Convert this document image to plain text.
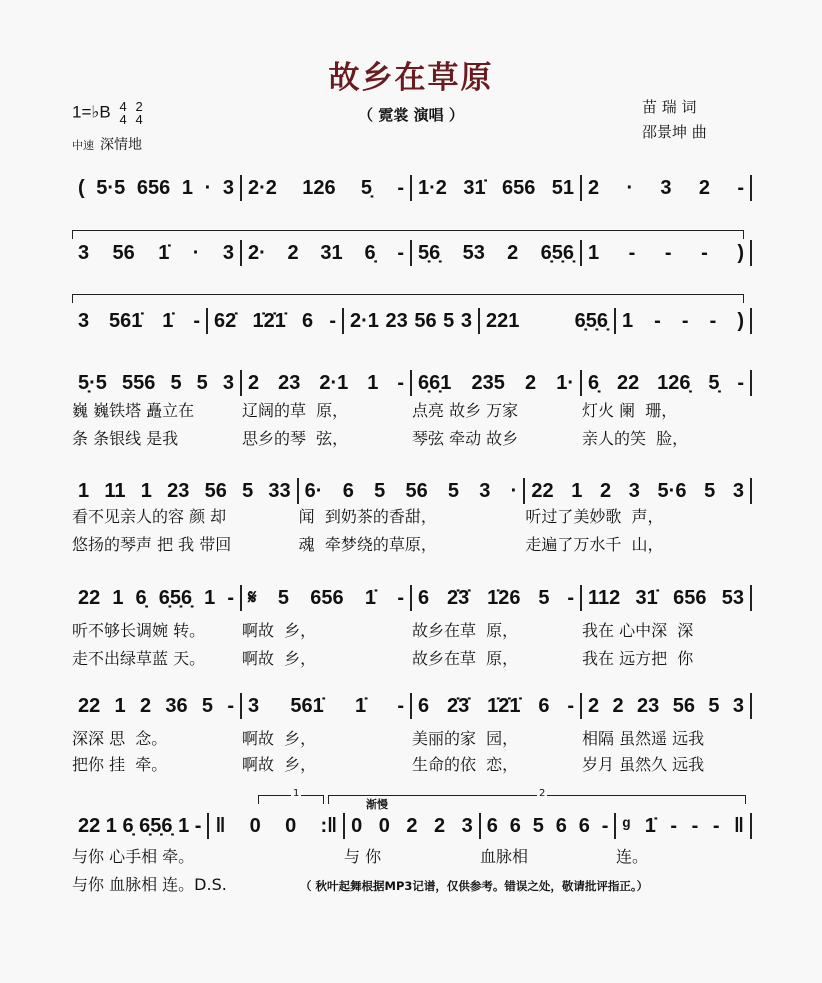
故乡在草原
（ 霓裳 演唱 ）
1=♭B 4
4 2
4
中速 深情地
苗 瑞 词
邵景坤 曲
( 5·5 656 1 · 3 2·2 126 5̣ - 1·2 31̇ 656 51 2 · 3 2 -
3 56 1̇ · 3 2· 2 31 6̣ - 5̣6̣ 53 2 6̣5̣6̣ 1 - - - )
3 561̇ 1̇ - 62̇ 1̇2̇1̇ 6 - 2·1 23 56 5 3 221 6̣5̣6̣ 1 - - - )
5̣·5 556 5 5 3 2 23 2·1 1 - 6̣6̣1 235 2 1· 6̣ 22 126̣ 5̣ -
巍 巍铁塔 矗立在	辽阔的草  原，	点亮 故乡 万家	灯火 阑  珊，
条 条银线 是我	思乡的琴  弦，	琴弦 牵动 故乡	亲人的笑  脸，
1 11 1 23 56 5 33 6· 6 5 56 5 3 · 22 1 2 3 5·6 5 3
看不见亲人的容 颜 却	闻  到奶茶的香甜，	听过了美妙歌  声，
悠扬的琴声 把 我 带回	魂  牵梦绕的草原，	走遍了万水千  山，
22 1 6̣ 6̣5̣6̣ 1 - 𝄋 5 656 1̇ - 6 2̇3̇ 1̇26 5 - 112 31̇ 656 53
听不够长调婉 转。	啊故  乡，	故乡在草  原，	我在 心中深  深
走不出绿草蓝 天。	啊故  乡，	故乡在草  原，	我在 远方把  你
22 1 2 36 5 - 3 561̇ 1̇ - 6 2̇3̇ 1̇2̇1̇ 6 - 2 2 23 56 5 3
深深 思  念。	啊故  乡，	美丽的家  园，	相隔 虽然遥 远我
把你 挂  牵。	啊故  乡，	生命的依  恋，	岁月 虽然久 远我
22 1 6̣ 6̣5̣6̣ 1 - ‖ 0 0 :‖ 0 0 2 2 3 6 6 5 6 6 - ᵍ 1̇ - - - ‖
与你 心手相 牵。	与 你	血脉相	连。
与你 血脉相 连。D.S.
1	2
渐慢
（ 秋叶起舞根据MP3记谱，仅供参考。错误之处，敬请批评指正。）
